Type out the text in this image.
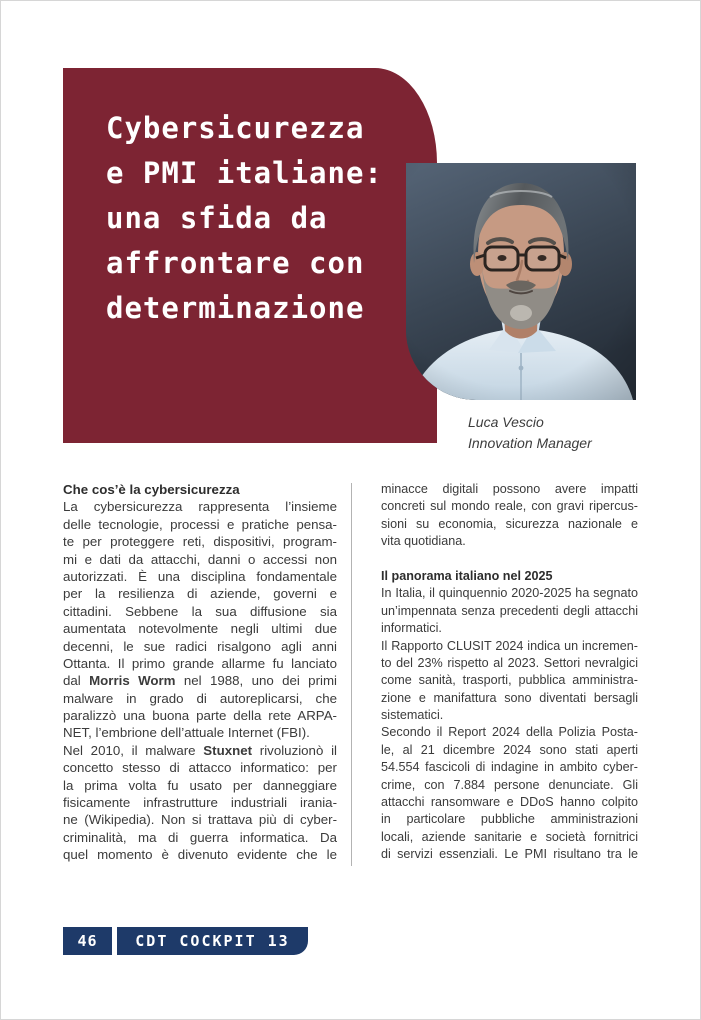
Cybersicurezza
e PMI italiane:
una sfida da
affrontare con
determinazione
Luca Vescio
Innovation Manager
Che cos’è la cybersicurezza
La cybersicurezza rappresenta l’insieme
delle tecnologie, processi e pratiche pensa-
te per proteggere reti, dispositivi, program-
mi e dati da attacchi, danni o accessi non
autorizzati. È una disciplina fondamentale
per la resilienza di aziende, governi e
cittadini. Sebbene la sua diffusione sia
aumentata notevolmente negli ultimi due
decenni, le sue radici risalgono agli anni
Ottanta. Il primo grande allarme fu lanciato
dal Morris Worm nel 1988, uno dei primi
malware in grado di autoreplicarsi, che
paralizzò una buona parte della rete ARPA-
NET, l’embrione dell’attuale Internet (FBI).
Nel 2010, il malware Stuxnet rivoluzionò il
concetto stesso di attacco informatico: per
la prima volta fu usato per danneggiare
fisicamente infrastrutture industriali irania-
ne (Wikipedia). Non si trattava più di cyber-
criminalità, ma di guerra informatica. Da
quel momento è divenuto evidente che le
minacce digitali possono avere impatti
concreti sul mondo reale, con gravi ripercus-
sioni su economia, sicurezza nazionale e
vita quotidiana.
Il panorama italiano nel 2025
In Italia, il quinquennio 2020-2025 ha segnato
un’impennata senza precedenti degli attacchi
informatici.
Il Rapporto CLUSIT 2024 indica un incremen-
to del 23% rispetto al 2023. Settori nevralgici
come sanità, trasporti, pubblica amministra-
zione e manifattura sono diventati bersagli
sistematici.
Secondo il Report 2024 della Polizia Posta-
le, al 21 dicembre 2024 sono stati aperti
54.554 fascicoli di indagine in ambito cyber-
crime, con 7.884 persone denunciate. Gli
attacchi ransomware e DDoS hanno colpito
in particolare pubbliche amministrazioni
locali, aziende sanitarie e società fornitrici
di servizi essenziali. Le PMI risultano tra le
46	CDT COCKPIT 13
